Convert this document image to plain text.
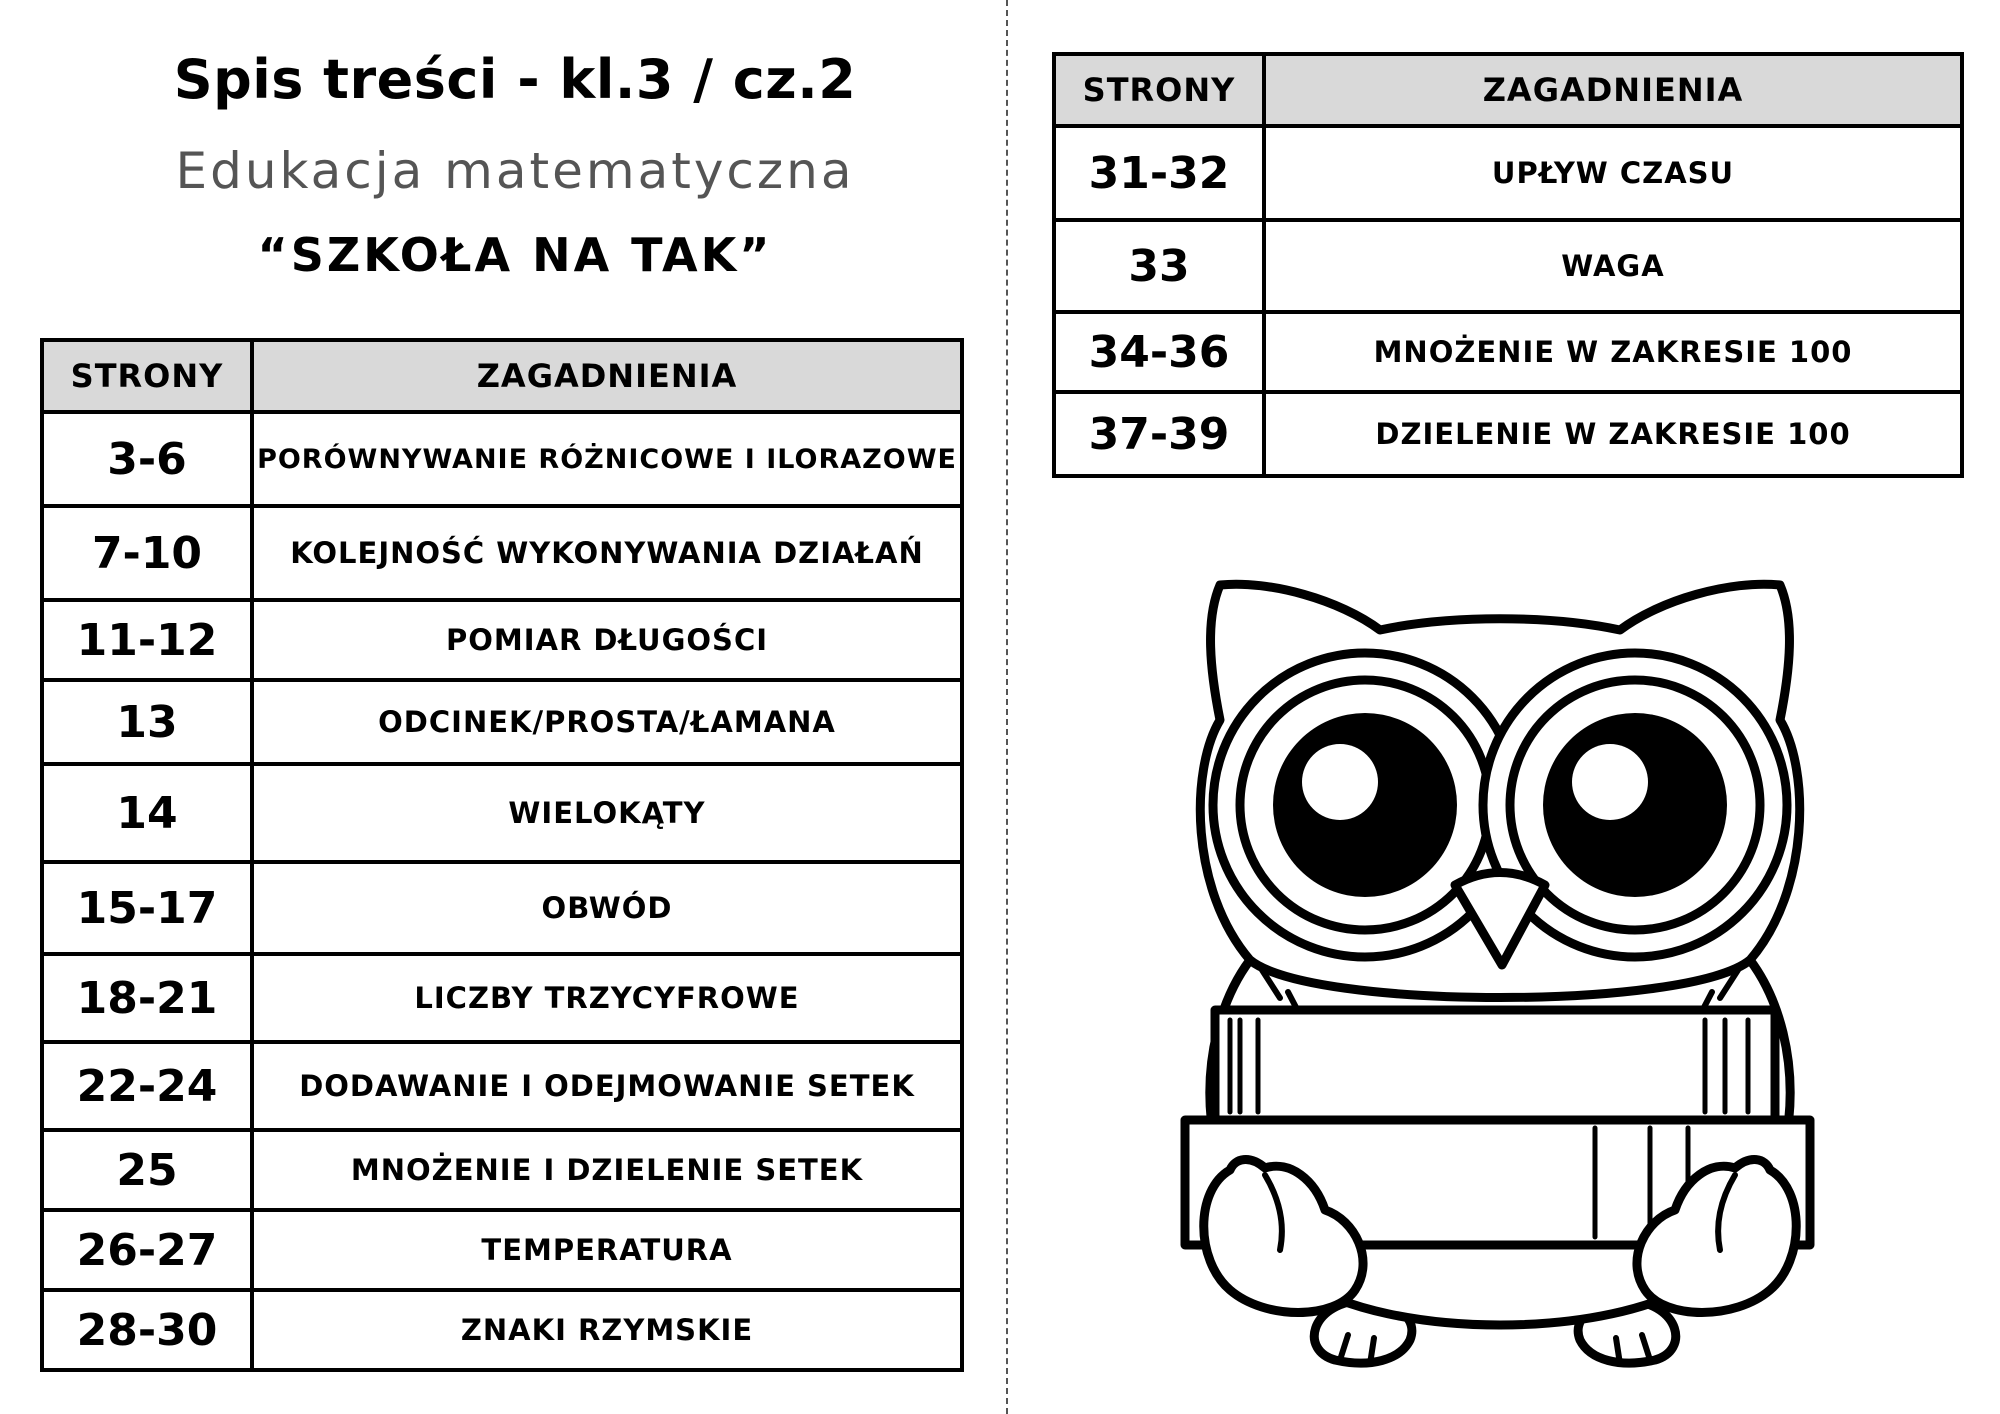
Spis treści - kl.3 / cz.2
Edukacja matematyczna
“SZKOŁA NA TAK”
STRONY	ZAGADNIENIA
3-6	PORÓWNYWANIE RÓŻNICOWE I ILORAZOWE
7-10	KOLEJNOŚĆ WYKONYWANIA DZIAŁAŃ
11-12	POMIAR DŁUGOŚCI
13	ODCINEK/PROSTA/ŁAMANA
14	WIELOKĄTY
15-17	OBWÓD
18-21	LICZBY TRZYCYFROWE
22-24	DODAWANIE I ODEJMOWANIE SETEK
25	MNOŻENIE I DZIELENIE SETEK
26-27	TEMPERATURA
28-30	ZNAKI RZYMSKIE
STRONY	ZAGADNIENIA
31-32	UPŁYW CZASU
33	WAGA
34-36	MNOŻENIE W ZAKRESIE 100
37-39	DZIELENIE W ZAKRESIE 100
